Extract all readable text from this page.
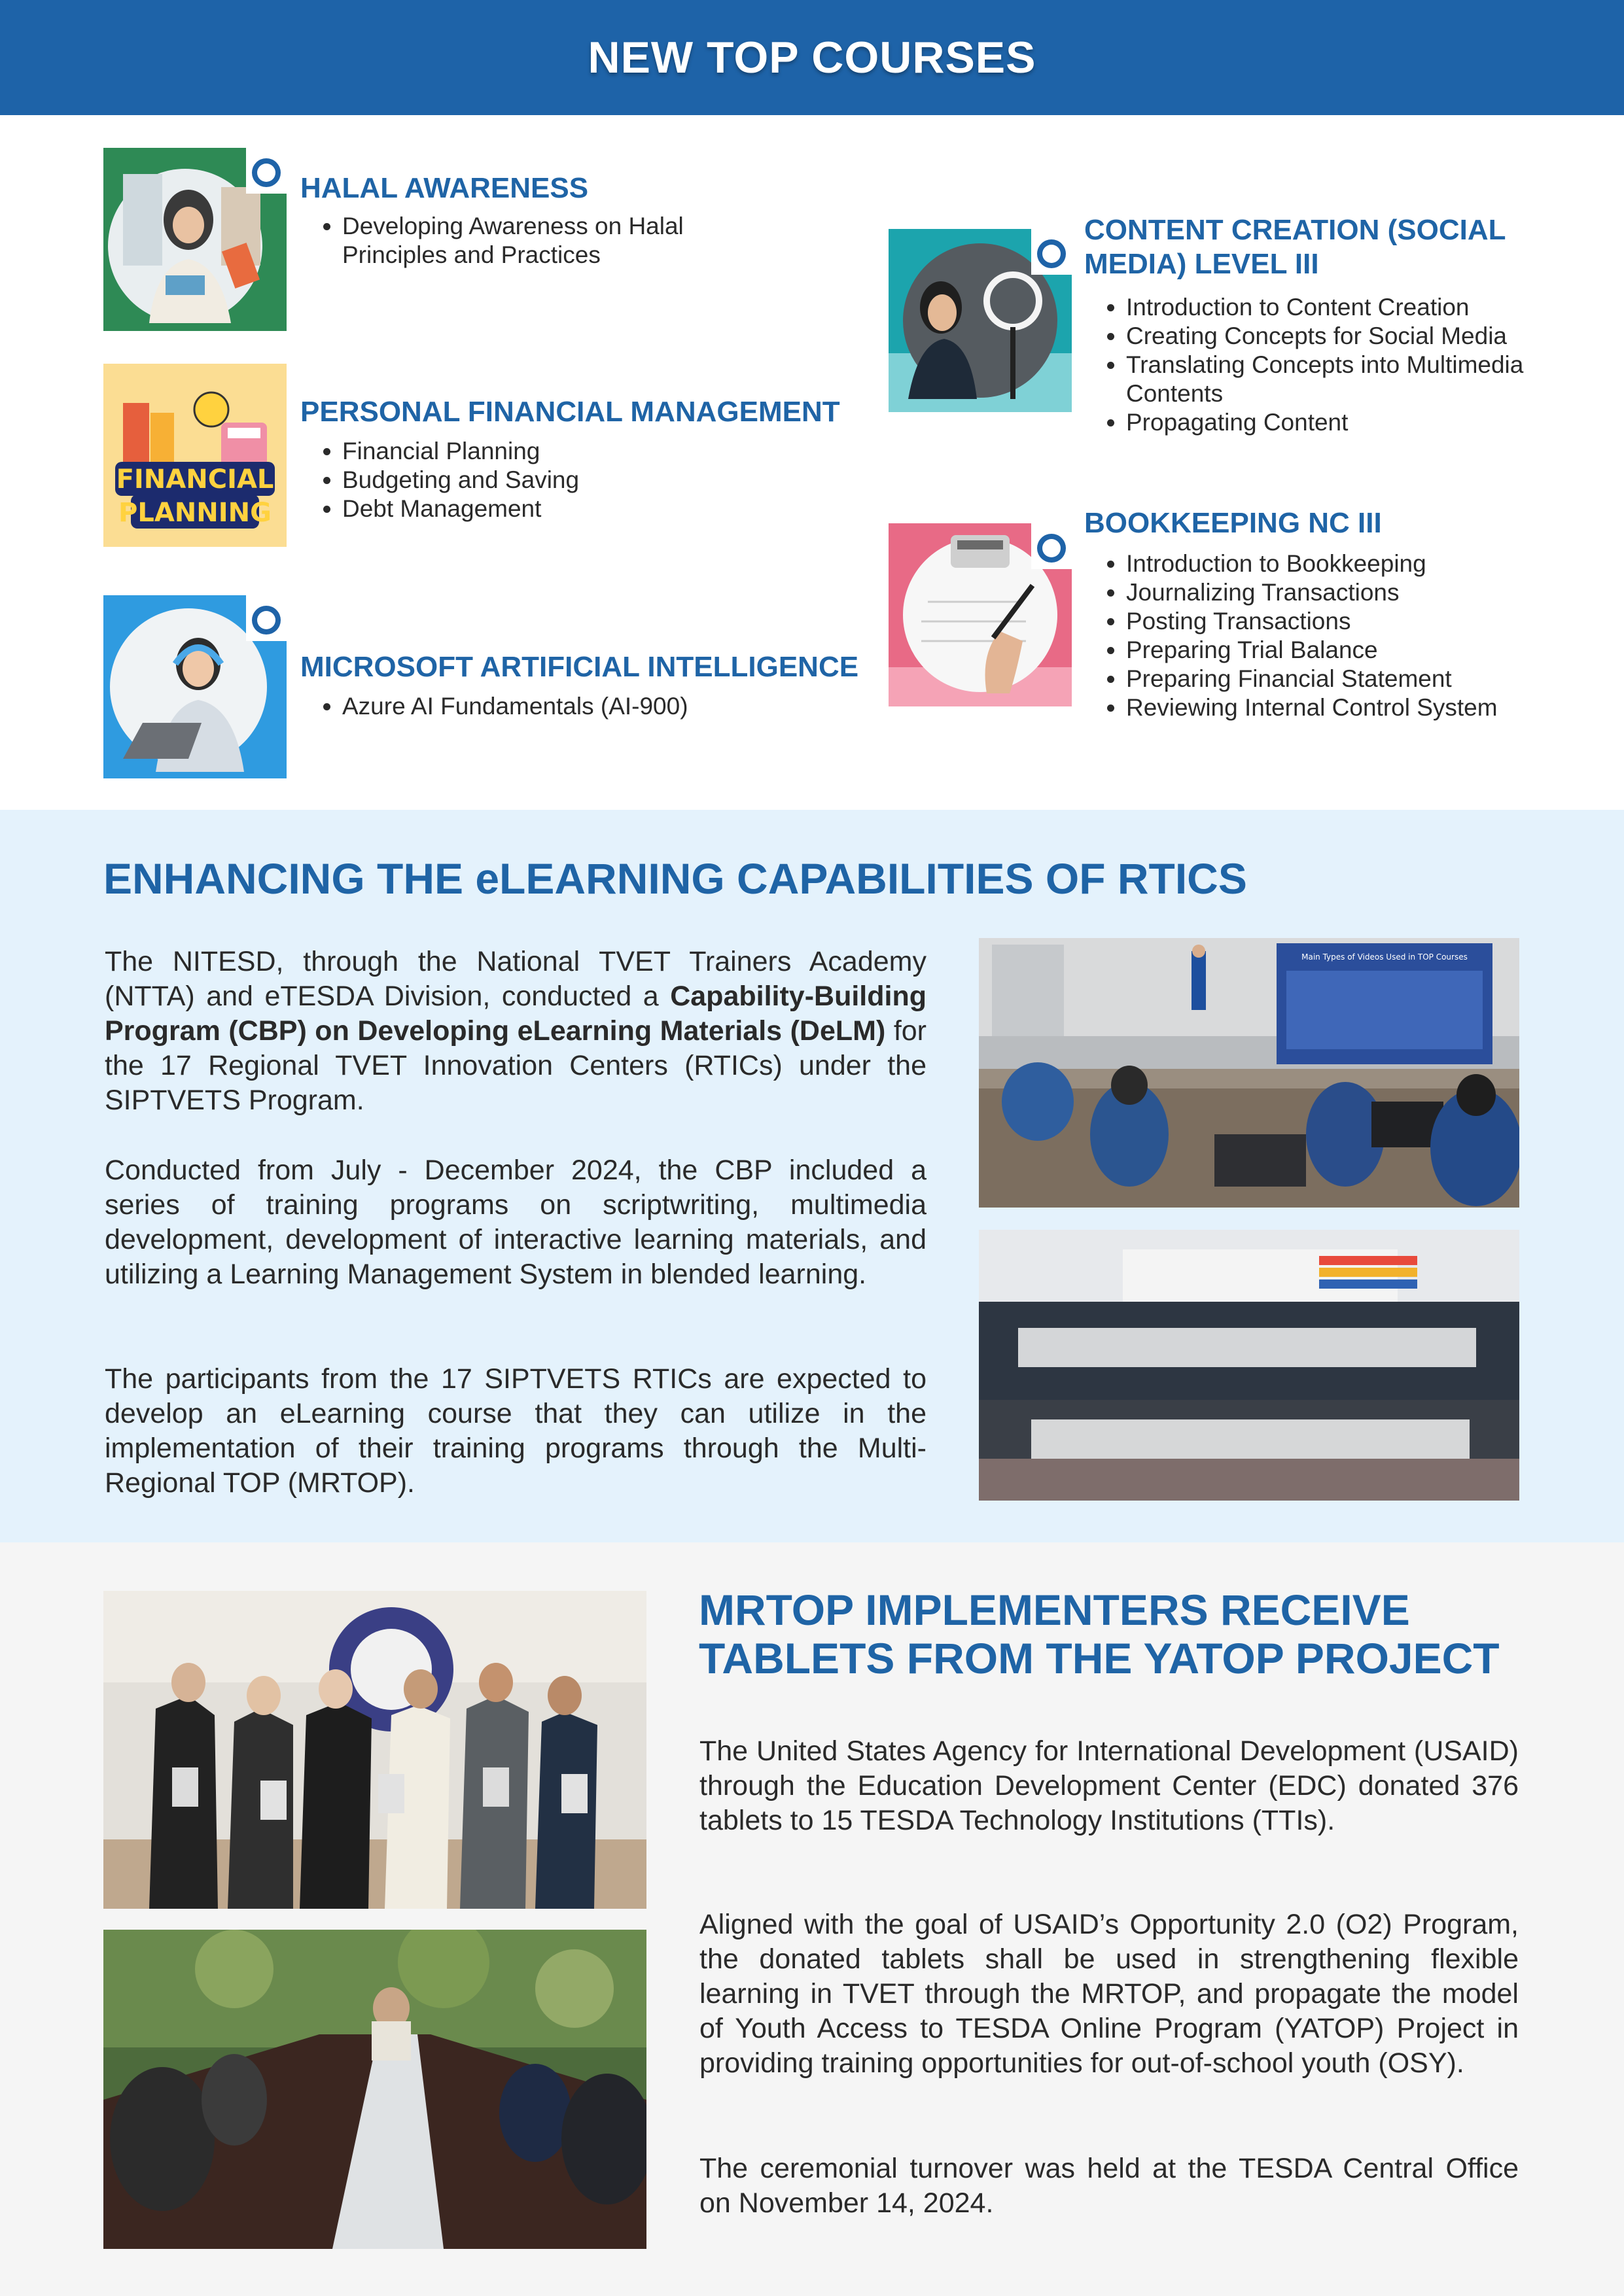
NEW TOP COURSES
HALAL AWARENESS
• Developing Awareness on Halal Principles and Practices
FINANCIAL
PLANNING
PERSONAL FINANCIAL MANAGEMENT
• Financial Planning
• Budgeting and Saving
• Debt Management
MICROSOFT ARTIFICIAL INTELLIGENCE
• Azure AI Fundamentals (AI-900)
CONTENT CREATION (SOCIAL
MEDIA) LEVEL III
• Introduction to Content Creation
• Creating Concepts for Social Media
• Translating Concepts into Multimedia Contents
• Propagating Content
BOOKKEEPING NC III
• Introduction to Bookkeeping
• Journalizing Transactions
• Posting Transactions
• Preparing Trial Balance
• Preparing Financial Statement
• Reviewing Internal Control System
ENHANCING THE eLEARNING CAPABILITIES OF RTICS
The NITESD, through the National TVET Trainers Academy (NTTA) and eTESDA Division, conducted a Capability-Building Program (CBP) on Developing eLearning Materials (DeLM) for the 17 Regional TVET Innovation Centers (RTICs) under the SIPTVETS Program.
Conducted from July - December 2024, the CBP included a series of training programs on scriptwriting, multimedia development, development of interactive learning materials, and utilizing a Learning Management System in blended learning.
The participants from the 17 SIPTVETS RTICs are expected to develop an eLearning course that they can utilize in the implementation of their training programs through the Multi-Regional TOP (MRTOP).
Main Types of Videos Used in TOP Courses
MRTOP IMPLEMENTERS RECEIVE
TABLETS FROM THE YATOP PROJECT
The United States Agency for International Development (USAID) through the Education Development Center (EDC) donated 376 tablets to 15 TESDA Technology Institutions (TTIs).
Aligned with the goal of USAID’s Opportunity 2.0 (O2) Program, the donated tablets shall be used in strengthening flexible learning in TVET through the MRTOP, and propagate the model of Youth Access to TESDA Online Program (YATOP) Project in providing training opportunities for out-of-school youth (OSY).
The ceremonial turnover was held at the TESDA Central Office on November 14, 2024.
